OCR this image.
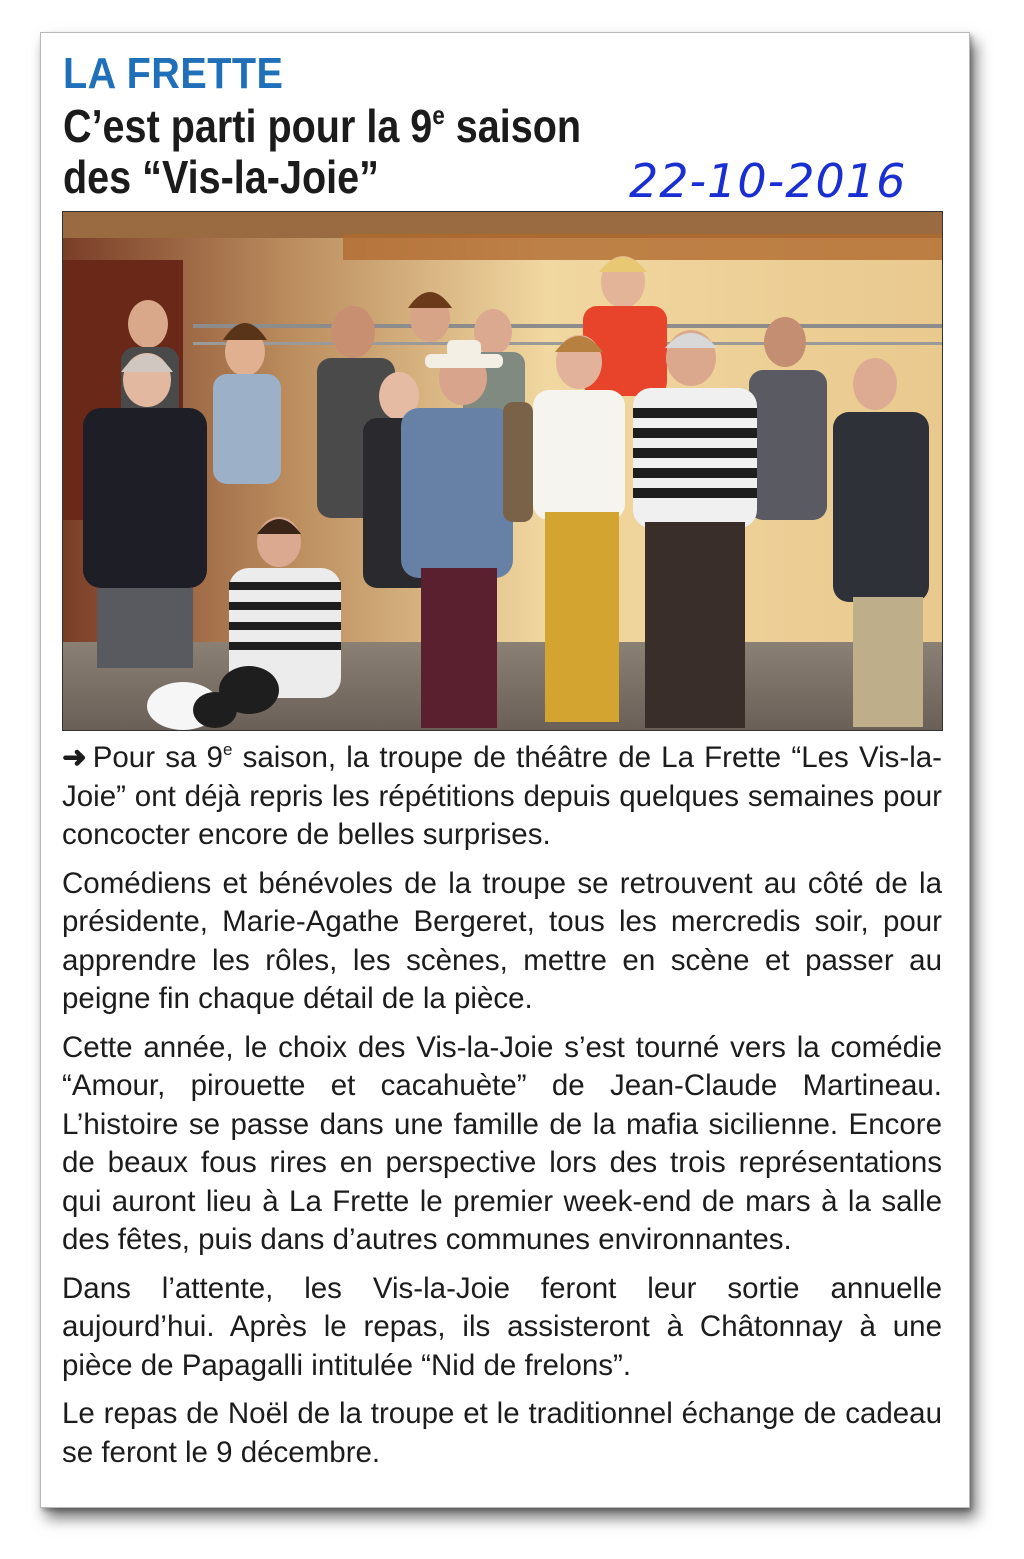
LA FRETTE
C’est parti pour la 9e saison
des “Vis-la-Joie”	22-10-2016

➜ Pour sa 9e saison, la troupe de théâtre de La Frette “Les Vis-la-Joie” ont déjà repris les répétitions depuis quelques semaines pour concocter encore de belles surprises.

Comédiens et bénévoles de la troupe se retrouvent au côté de la présidente, Marie-Agathe Bergeret, tous les mercredis soir, pour apprendre les rôles, les scènes, mettre en scène et passer au peigne fin chaque détail de la pièce.

Cette année, le choix des Vis-la-Joie s’est tourné vers la comédie “Amour, pirouette et cacahuète” de Jean-Claude Martineau. L’histoire se passe dans une famille de la mafia sicilienne. Encore de beaux fous rires en perspective lors des trois représentations qui auront lieu à La Frette le premier week-end de mars à la salle des fêtes, puis dans d’autres communes environnantes.

Dans l’attente, les Vis-la-Joie feront leur sortie annuelle aujourd’hui. Après le repas, ils assisteront à Châtonnay à une pièce de Papagalli intitulée “Nid de frelons”.

Le repas de Noël de la troupe et le traditionnel échange de cadeau se feront le 9 décembre.
